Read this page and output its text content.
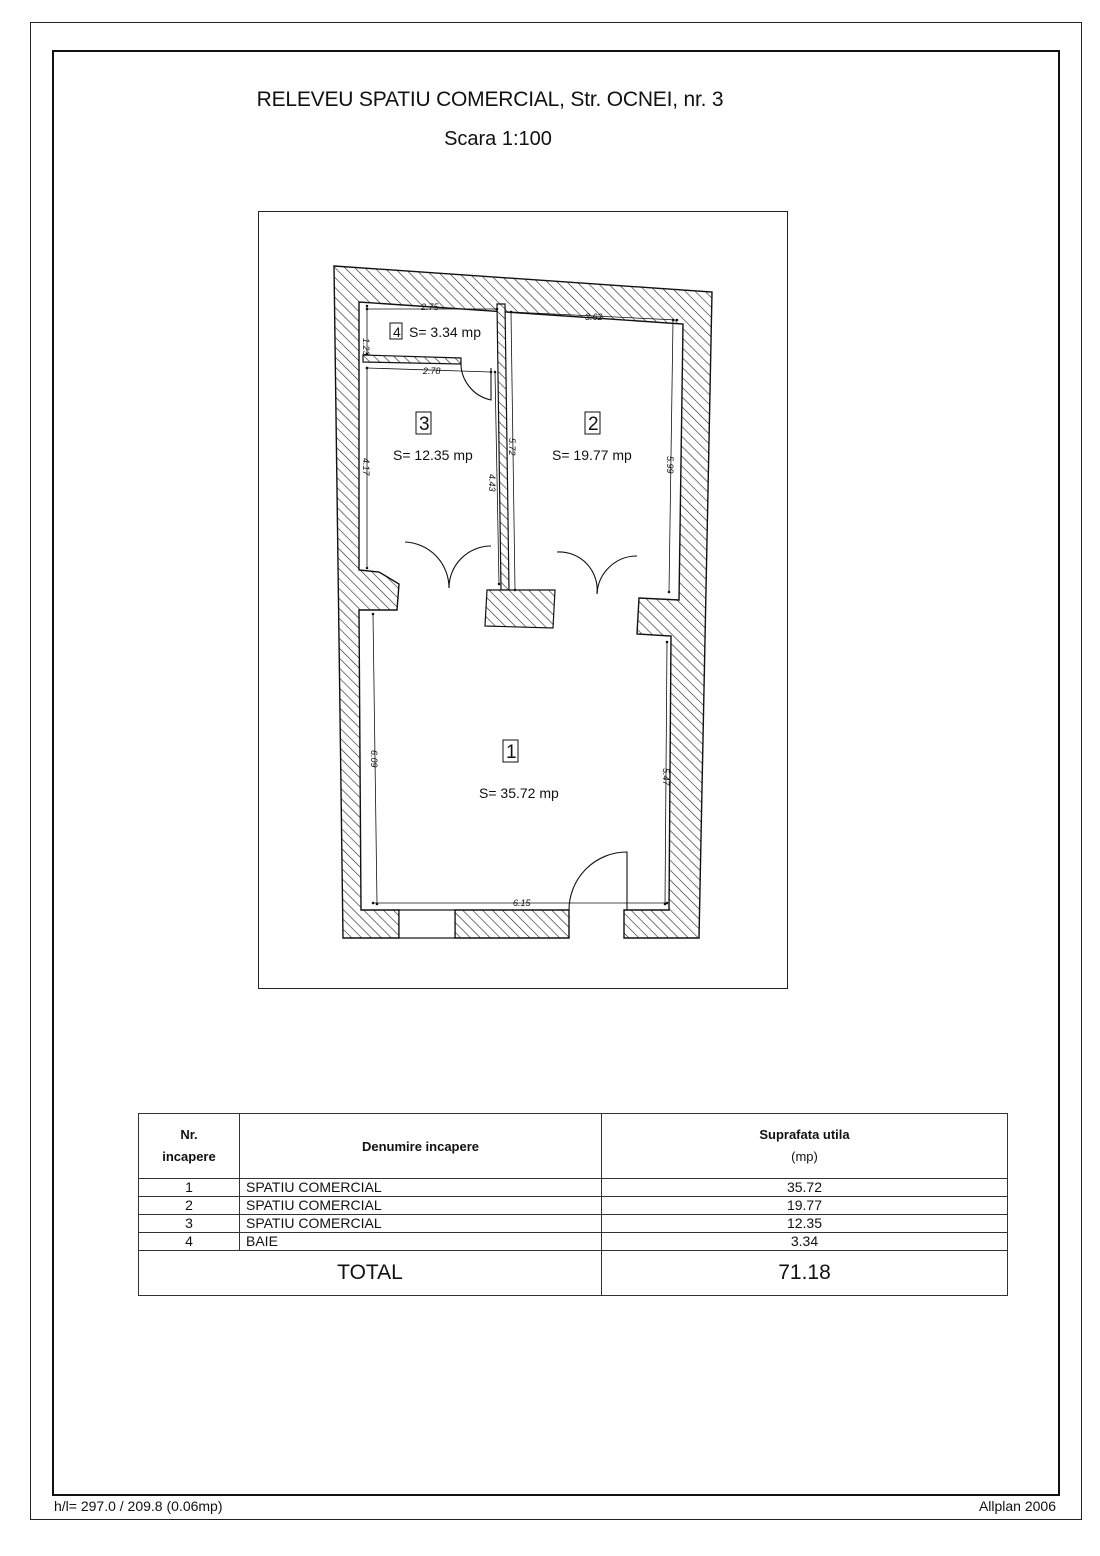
RELEVEU SPATIU COMERCIAL, Str. OCNEI, nr. 3
Scara 1:100
2.75
1.23
2.78
4.17
4.43
3.62
5.72
5.99
6.09
5.47
6.15
4 S= 3.34 mp
3
S= 12.35 mp
2
S= 19.77 mp
1
S= 35.72 mp
Nr.
incapere	Denumire incapere	Suprafata utila
(mp)
1	SPATIU COMERCIAL	35.72
2	SPATIU COMERCIAL	19.77
3	SPATIU COMERCIAL	12.35
4	BAIE	3.34
TOTAL		71.18
h/l= 297.0 / 209.8 (0.06mp)	Allplan 2006
